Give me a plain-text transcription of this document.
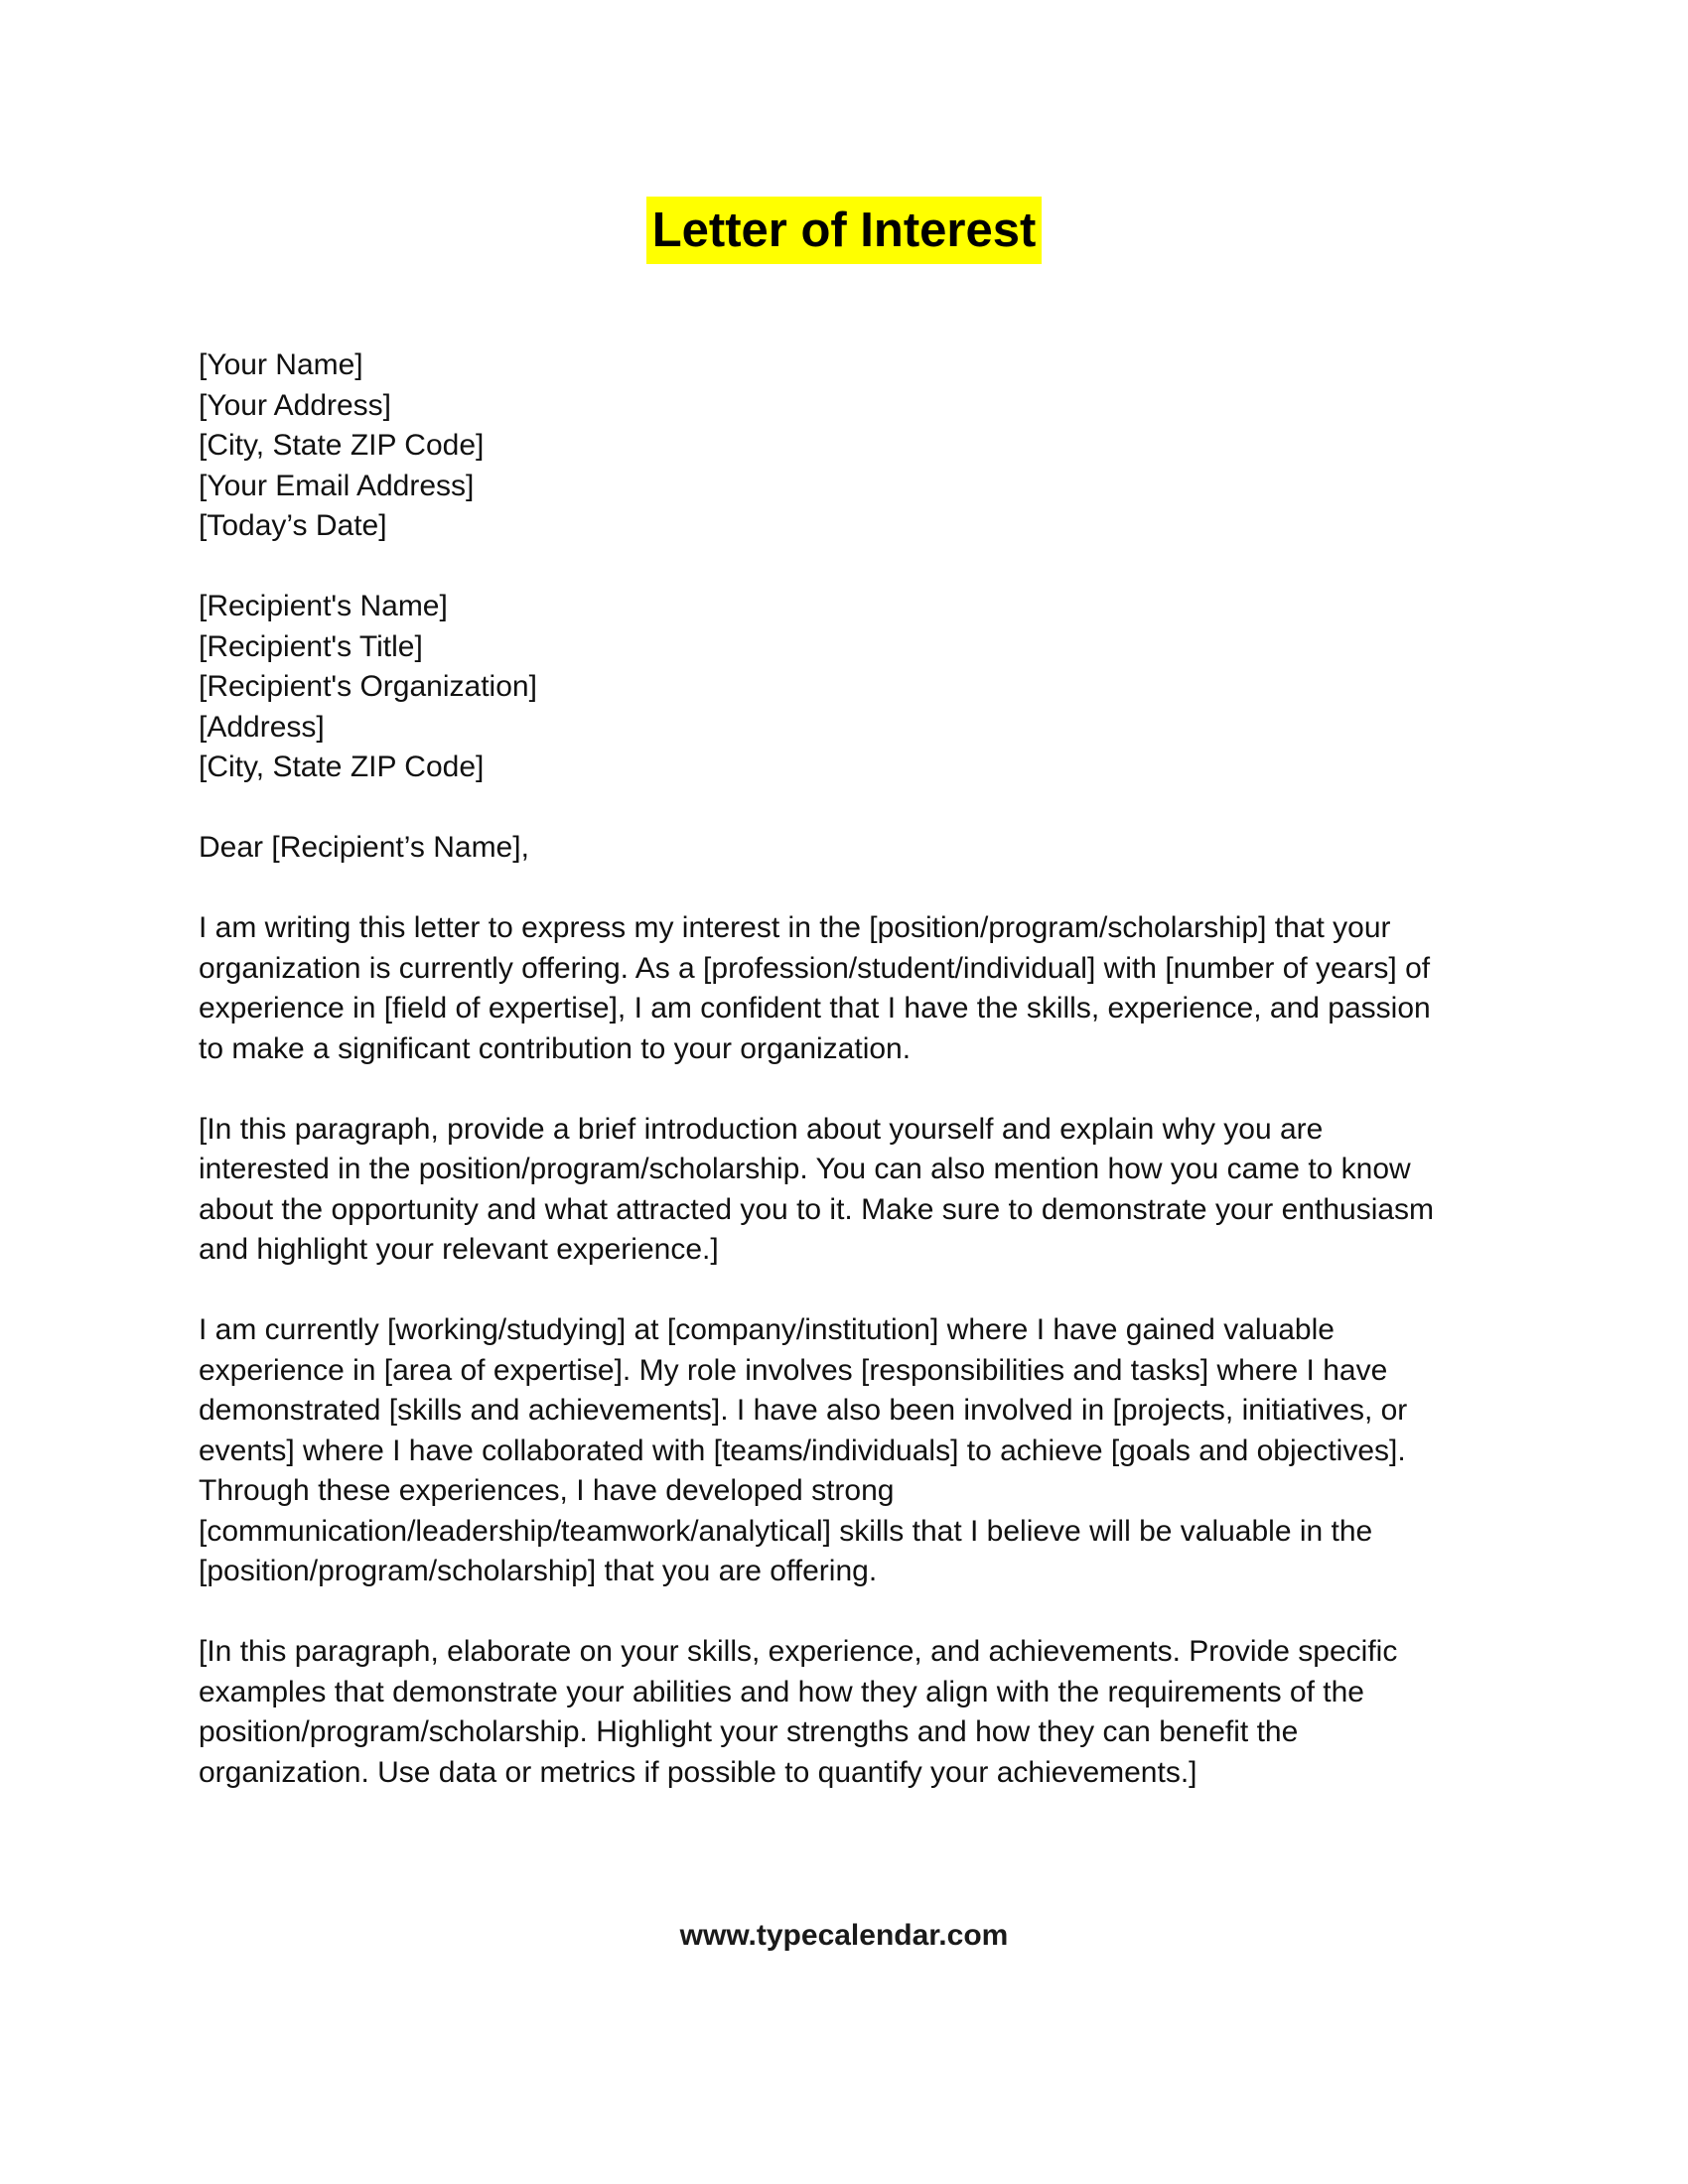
Letter of Interest
[Your Name]
[Your Address]
[City, State ZIP Code]
[Your Email Address]
[Today’s Date]
[Recipient's Name]
[Recipient's Title]
[Recipient's Organization]
[Address]
[City, State ZIP Code]
Dear [Recipient’s Name],
I am writing this letter to express my interest in the [position/program/scholarship] that your
organization is currently offering. As a [profession/student/individual] with [number of years] of
experience in [field of expertise], I am confident that I have the skills, experience, and passion
to make a significant contribution to your organization.
[In this paragraph, provide a brief introduction about yourself and explain why you are
interested in the position/program/scholarship. You can also mention how you came to know
about the opportunity and what attracted you to it. Make sure to demonstrate your enthusiasm
and highlight your relevant experience.]
I am currently [working/studying] at [company/institution] where I have gained valuable
experience in [area of expertise]. My role involves [responsibilities and tasks] where I have
demonstrated [skills and achievements]. I have also been involved in [projects, initiatives, or
events] where I have collaborated with [teams/individuals] to achieve [goals and objectives].
Through these experiences, I have developed strong
[communication/leadership/teamwork/analytical] skills that I believe will be valuable in the
[position/program/scholarship] that you are offering.
[In this paragraph, elaborate on your skills, experience, and achievements. Provide specific
examples that demonstrate your abilities and how they align with the requirements of the
position/program/scholarship. Highlight your strengths and how they can benefit the
organization. Use data or metrics if possible to quantify your achievements.]
www.typecalendar.com
